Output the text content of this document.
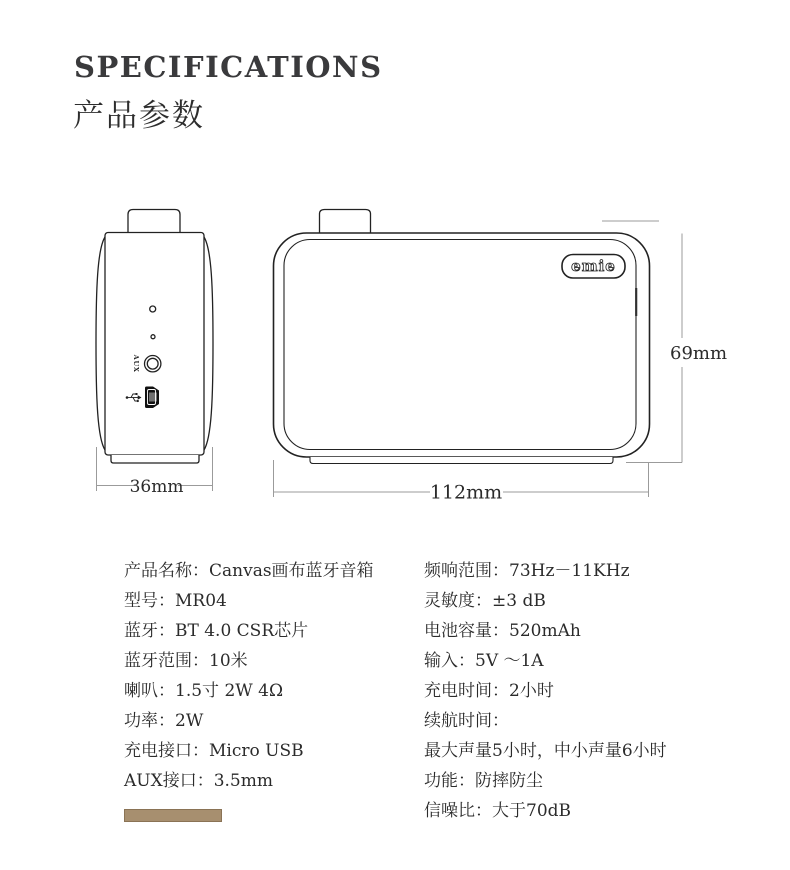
SPECIFICATIONS
产品参数
AUX
emie
36mm	112mm
69mm
产品名称：Canvas画布蓝牙音箱
型号：MR04
蓝牙：BT 4.0 CSR芯片
蓝牙范围：10米
喇叭：1.5寸 2W 4Ω
功率：2W
充电接口：Micro USB
AUX接口：3.5mm
频响范围：73Hz－11KHz
灵敏度：±3 dB
电池容量：520mAh
输入：5V ～1A
充电时间：2小时
续航时间：
最大声量5小时，中小声量6小时
功能：防摔防尘
信噪比：大于70dB
